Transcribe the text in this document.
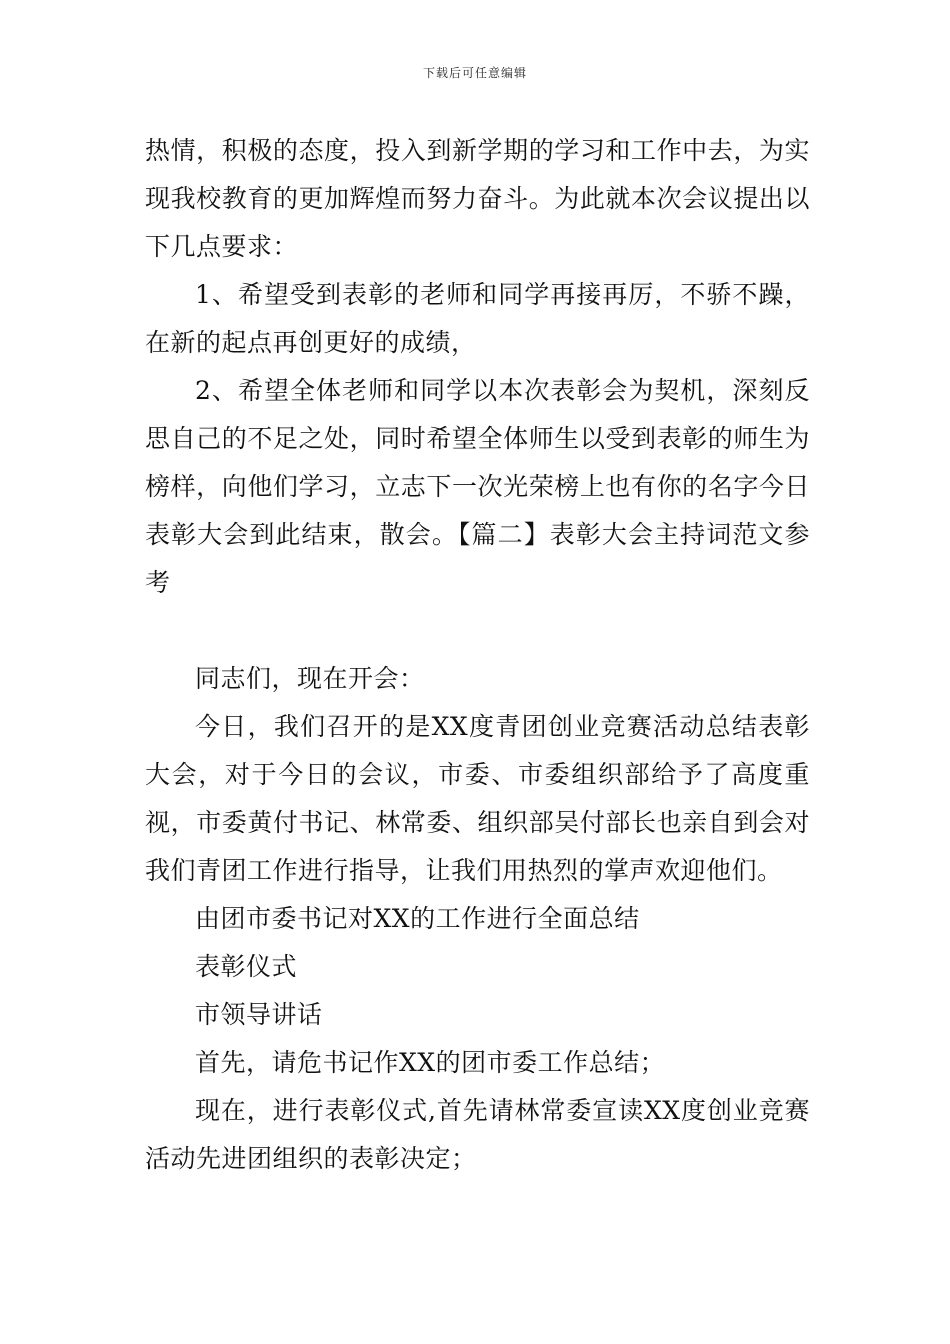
下载后可任意编辑

热情，积极的态度，投入到新学期的学习和工作中去，为实现我校教育的更加辉煌而努力奋斗。为此就本次会议提出以下几点要求：

1、希望受到表彰的老师和同学再接再厉，不骄不躁，在新的起点再创更好的成绩，

2、希望全体老师和同学以本次表彰会为契机，深刻反思自己的不足之处，同时希望全体师生以受到表彰的师生为榜样，向他们学习，立志下一次光荣榜上也有你的名字今日表彰大会到此结束，散会。【篇二】表彰大会主持词范文参考

同志们，现在开会：

今日，我们召开的是XX度青团创业竞赛活动总结表彰大会，对于今日的会议，市委、市委组织部给予了高度重视，市委黄付书记、林常委、组织部吴付部长也亲自到会对我们青团工作进行指导，让我们用热烈的掌声欢迎他们。

由团市委书记对XX的工作进行全面总结

表彰仪式

市领导讲话

首先，请危书记作XX的团市委工作总结；

现在，进行表彰仪式,首先请林常委宣读XX度创业竞赛活动先进团组织的表彰决定；
